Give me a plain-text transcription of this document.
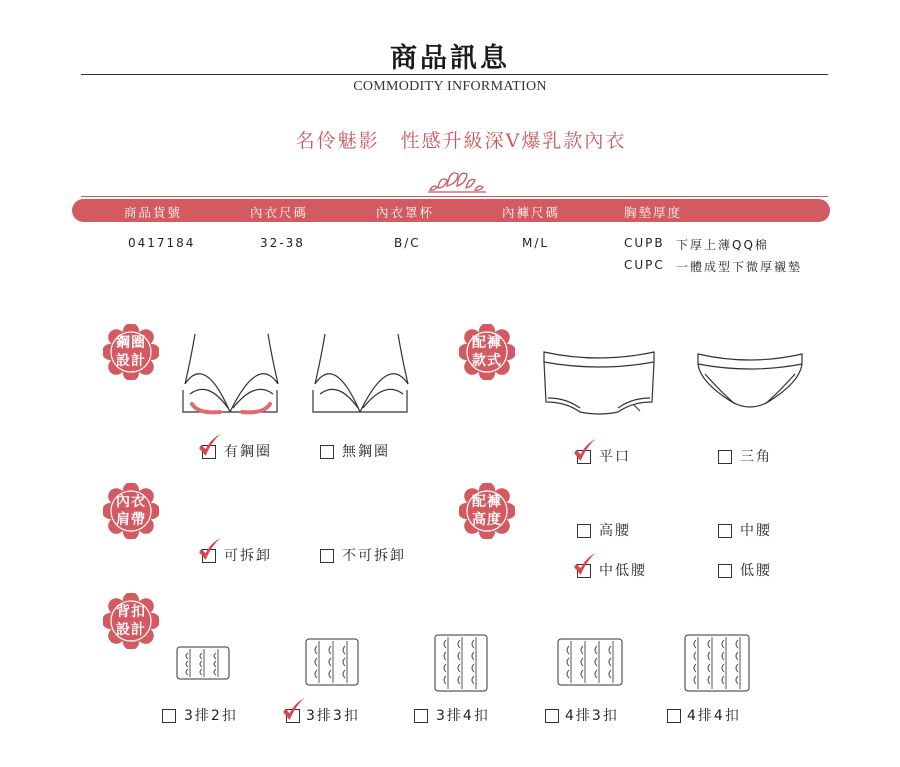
商品訊息
COMMODITY INFORMATION
名伶魅影　性感升級深V爆乳款內衣
商品貨號	內衣尺碼	內衣罩杯	內褲尺碼	胸墊厚度
0417184	32-38	B/C	M/L	CUPB 下厚上薄QQ棉
CUPC 一體成型下微厚襯墊
鋼圈
設計
配褲
款式
內衣
肩帶
配褲
高度
背扣
設計
有鋼圈	無鋼圈	平口	三角
可拆卸	不可拆卸
高腰	中腰
中低腰	低腰
3排2扣	3排3扣	3排4扣	4排3扣	4排4扣
